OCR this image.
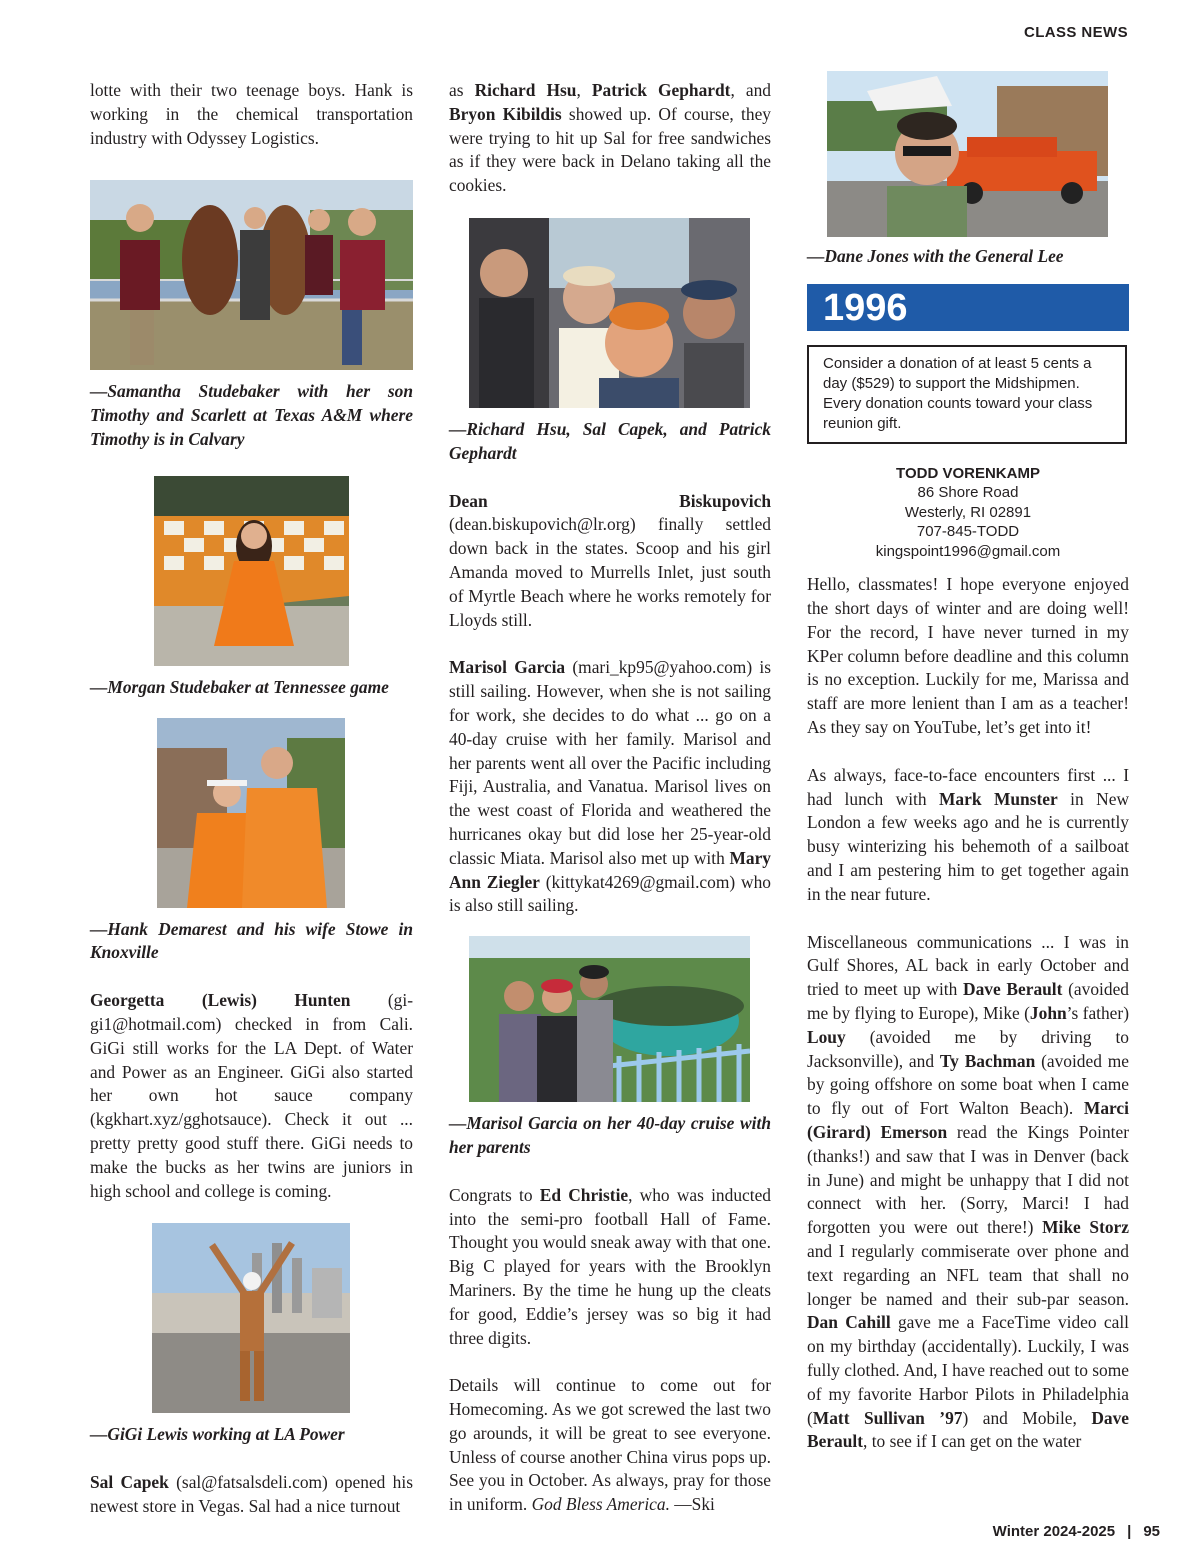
CLASS NEWS

lotte with their two teenage boys. Hank is working in the chemical transportation industry with Odyssey Logistics.

—Samantha Studebaker with her son Timothy and Scarlett at Texas A&M where Timothy is in Calvary

—Morgan Studebaker at Tennessee game

—Hank Demarest and his wife Stowe in Knoxville

Georgetta (Lewis) Hunten (gi-gi1@hotmail.com) checked in from Cali. GiGi still works for the LA Dept. of Water and Power as an Engineer. GiGi also started her own hot sauce company (kgkhart.xyz/gghotsauce). Check it out ... pretty pretty good stuff there. GiGi needs to make the bucks as her twins are juniors in high school and college is coming.

—GiGi Lewis working at LA Power

Sal Capek (sal@fatsalsdeli.com) opened his newest store in Vegas. Sal had a nice turnout

as Richard Hsu, Patrick Gephardt, and Bryon Kibildis showed up. Of course, they were trying to hit up Sal for free sandwiches as if they were back in Delano taking all the cookies.

—Richard Hsu, Sal Capek, and Patrick Gephardt

Dean Biskupovich (dean.biskupovich@lr.org) finally settled down back in the states. Scoop and his girl Amanda moved to Murrells Inlet, just south of Myrtle Beach where he works remotely for Lloyds still.

Marisol Garcia (mari_kp95@yahoo.com) is still sailing. However, when she is not sailing for work, she decides to do what ... go on a 40-day cruise with her family. Marisol and her parents went all over the Pacific including Fiji, Australia, and Vanatua. Marisol lives on the west coast of Florida and weathered the hurricanes okay but did lose her 25-year-old classic Miata. Marisol also met up with Mary Ann Ziegler (kittykat4269@gmail.com) who is also still sailing.

—Marisol Garcia on her 40-day cruise with her parents

Congrats to Ed Christie, who was inducted into the semi-pro football Hall of Fame. Thought you would sneak away with that one. Big C played for years with the Brooklyn Mariners. By the time he hung up the cleats for good, Eddie’s jersey was so big it had three digits.

Details will continue to come out for Homecoming. As we got screwed the last two go arounds, it will be great to see everyone. Unless of course another China virus pops up. See you in October. As always, pray for those in uniform. God Bless America. —Ski

—Dane Jones with the General Lee

1996
Consider a donation of at least 5 cents a day ($529) to support the Midshipmen. Every donation counts toward your class reunion gift.
TODD VORENKAMP
86 Shore Road
Westerly, RI 02891
707-845-TODD
kingspoint1996@gmail.com

Hello, classmates! I hope everyone enjoyed the short days of winter and are doing well! For the record, I have never turned in my KPer column before deadline and this column is no exception. Luckily for me, Marissa and staff are more lenient than I am as a teacher! As they say on YouTube, let’s get into it!

As always, face-to-face encounters first ... I had lunch with Mark Munster in New London a few weeks ago and he is currently busy winterizing his behemoth of a sailboat and I am pestering him to get together again in the near future.

Miscellaneous communications ... I was in Gulf Shores, AL back in early October and tried to meet up with Dave Berault (avoided me by flying to Europe), Mike (John’s father) Louy (avoided me by driving to Jacksonville), and Ty Bachman (avoided me by going offshore on some boat when I came to fly out of Fort Walton Beach). Marci (Girard) Emerson read the Kings Pointer (thanks!) and saw that I was in Denver (back in June) and might be unhappy that I did not connect with her. (Sorry, Marci! I had forgotten you were out there!) Mike Storz and I regularly commiserate over phone and text regarding an NFL team that shall no longer be named and their sub-par season. Dan Cahill gave me a FaceTime video call on my birthday (accidentally). Luckily, I was fully clothed. And, I have reached out to some of my favorite Harbor Pilots in Philadelphia (Matt Sullivan ’97) and Mobile, Dave Berault, to see if I can get on the water

Winter 2024-2025 | 95
